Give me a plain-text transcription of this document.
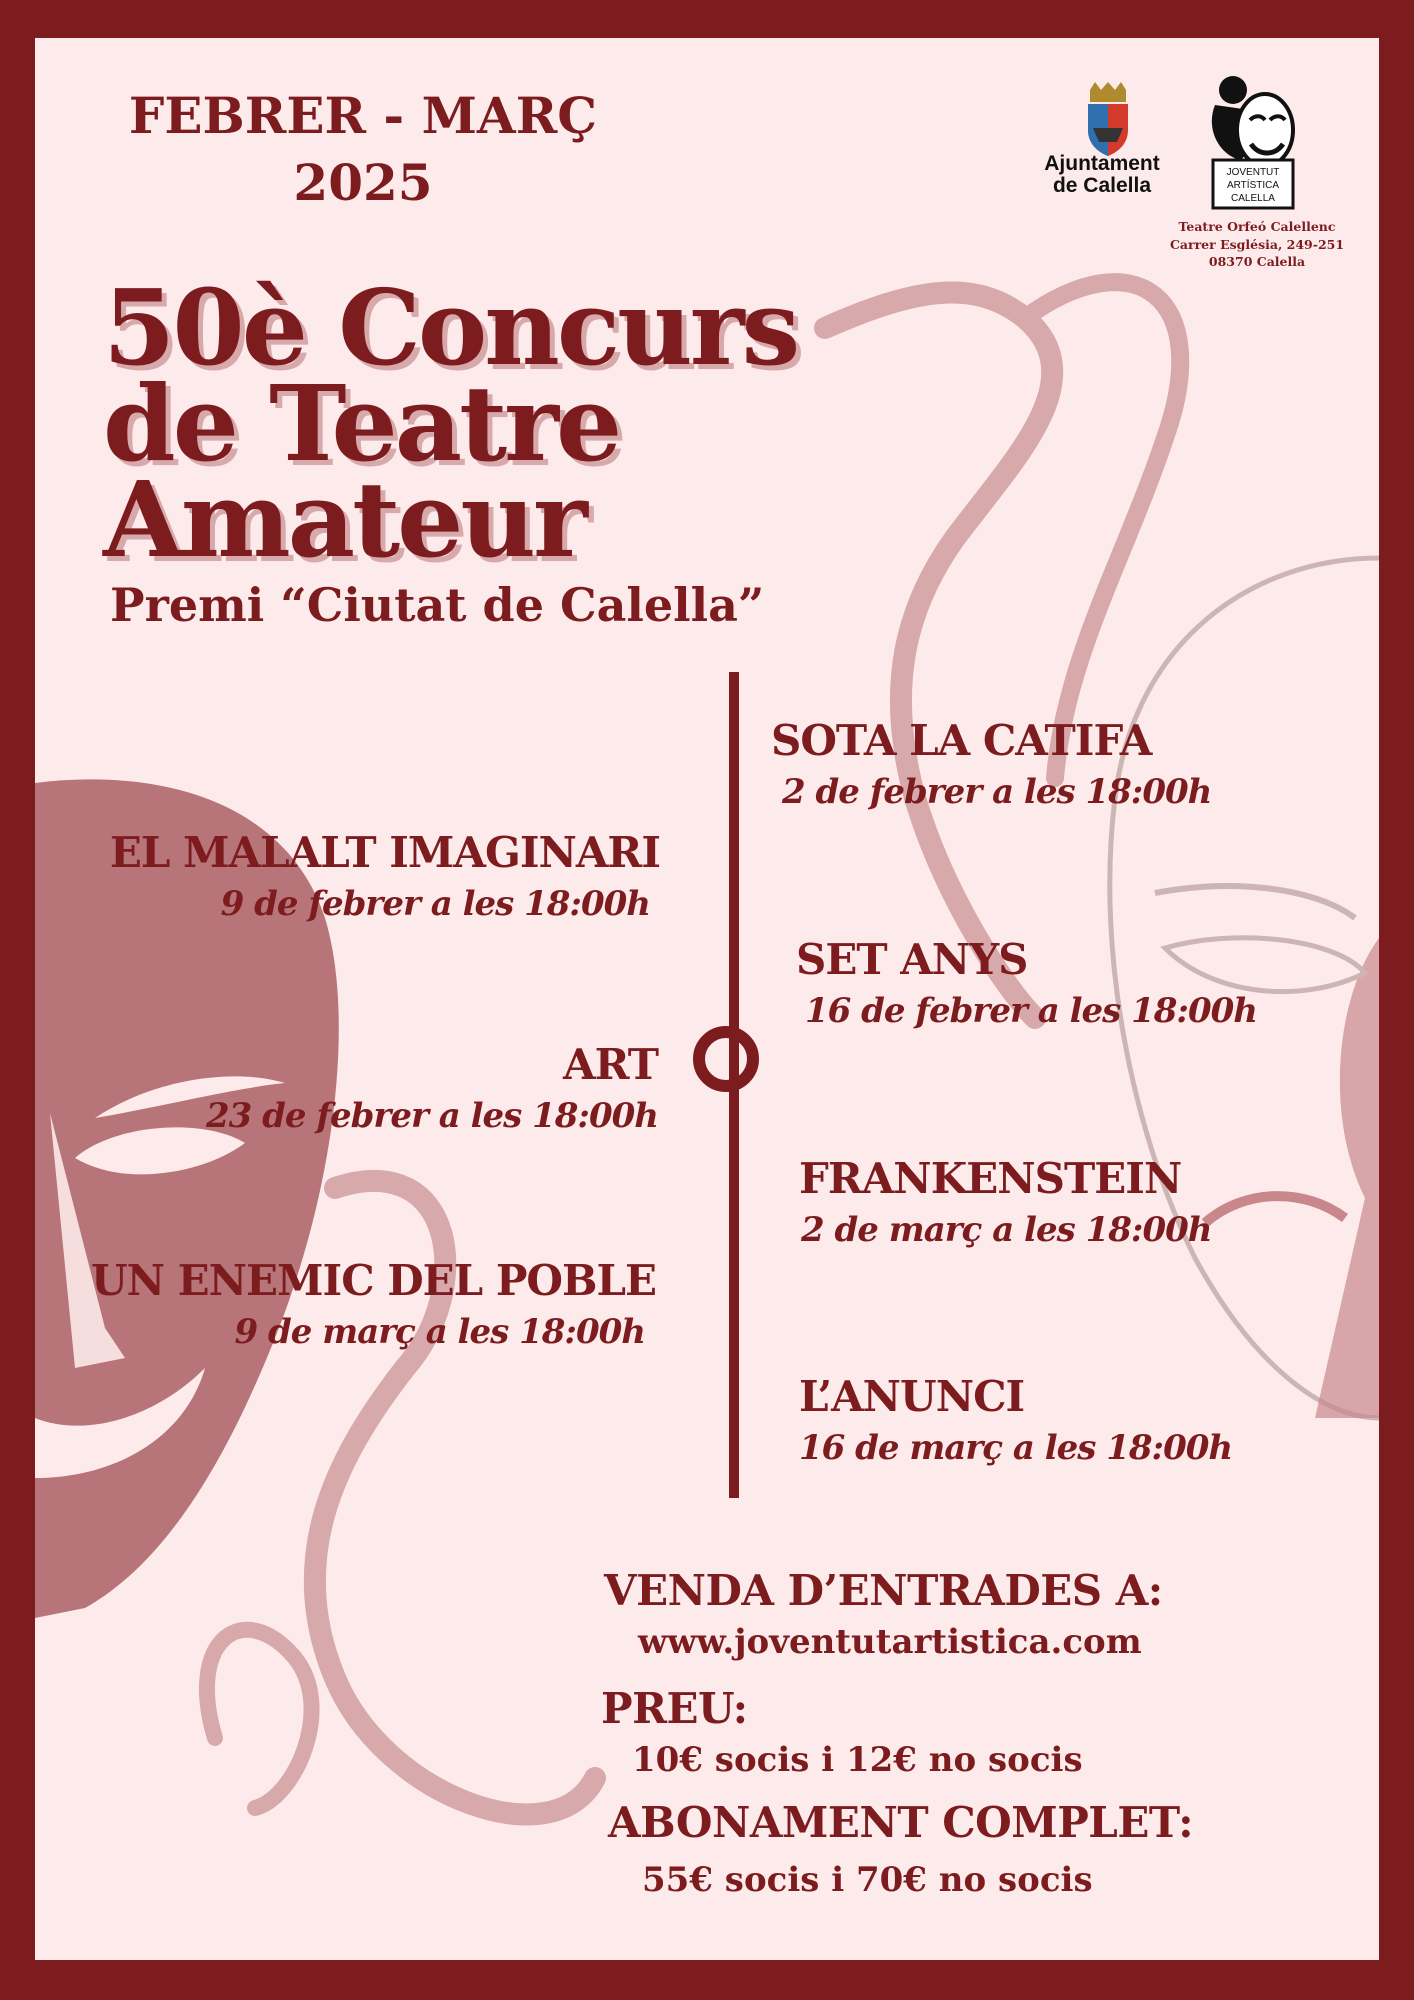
FEBRER - MARÇ
2025	Ajuntament
de Calella
JOVENTUT
ARTÍSTICA
CALELLA
Teatre Orfeó Calellenc
Carrer Església, 249-251
08370 Calella
50è Concurs
de Teatre
Amateur
Premi “Ciutat de Calella”
SOTA LA CATIFA
2 de febrer a les 18:00h
SET ANYS
16 de febrer a les 18:00h
FRANKENSTEIN
2 de març a les 18:00h
L’ANUNCI
16 de març a les 18:00h
EL MALALT IMAGINARI
9 de febrer a les 18:00h
ART
23 de febrer a les 18:00h
UN ENEMIC DEL POBLE
9 de març a les 18:00h
VENDA D’ENTRADES A:
www.joventutartistica.com
PREU:
10€ socis i 12€ no socis
ABONAMENT COMPLET:
55€ socis i 70€ no socis
